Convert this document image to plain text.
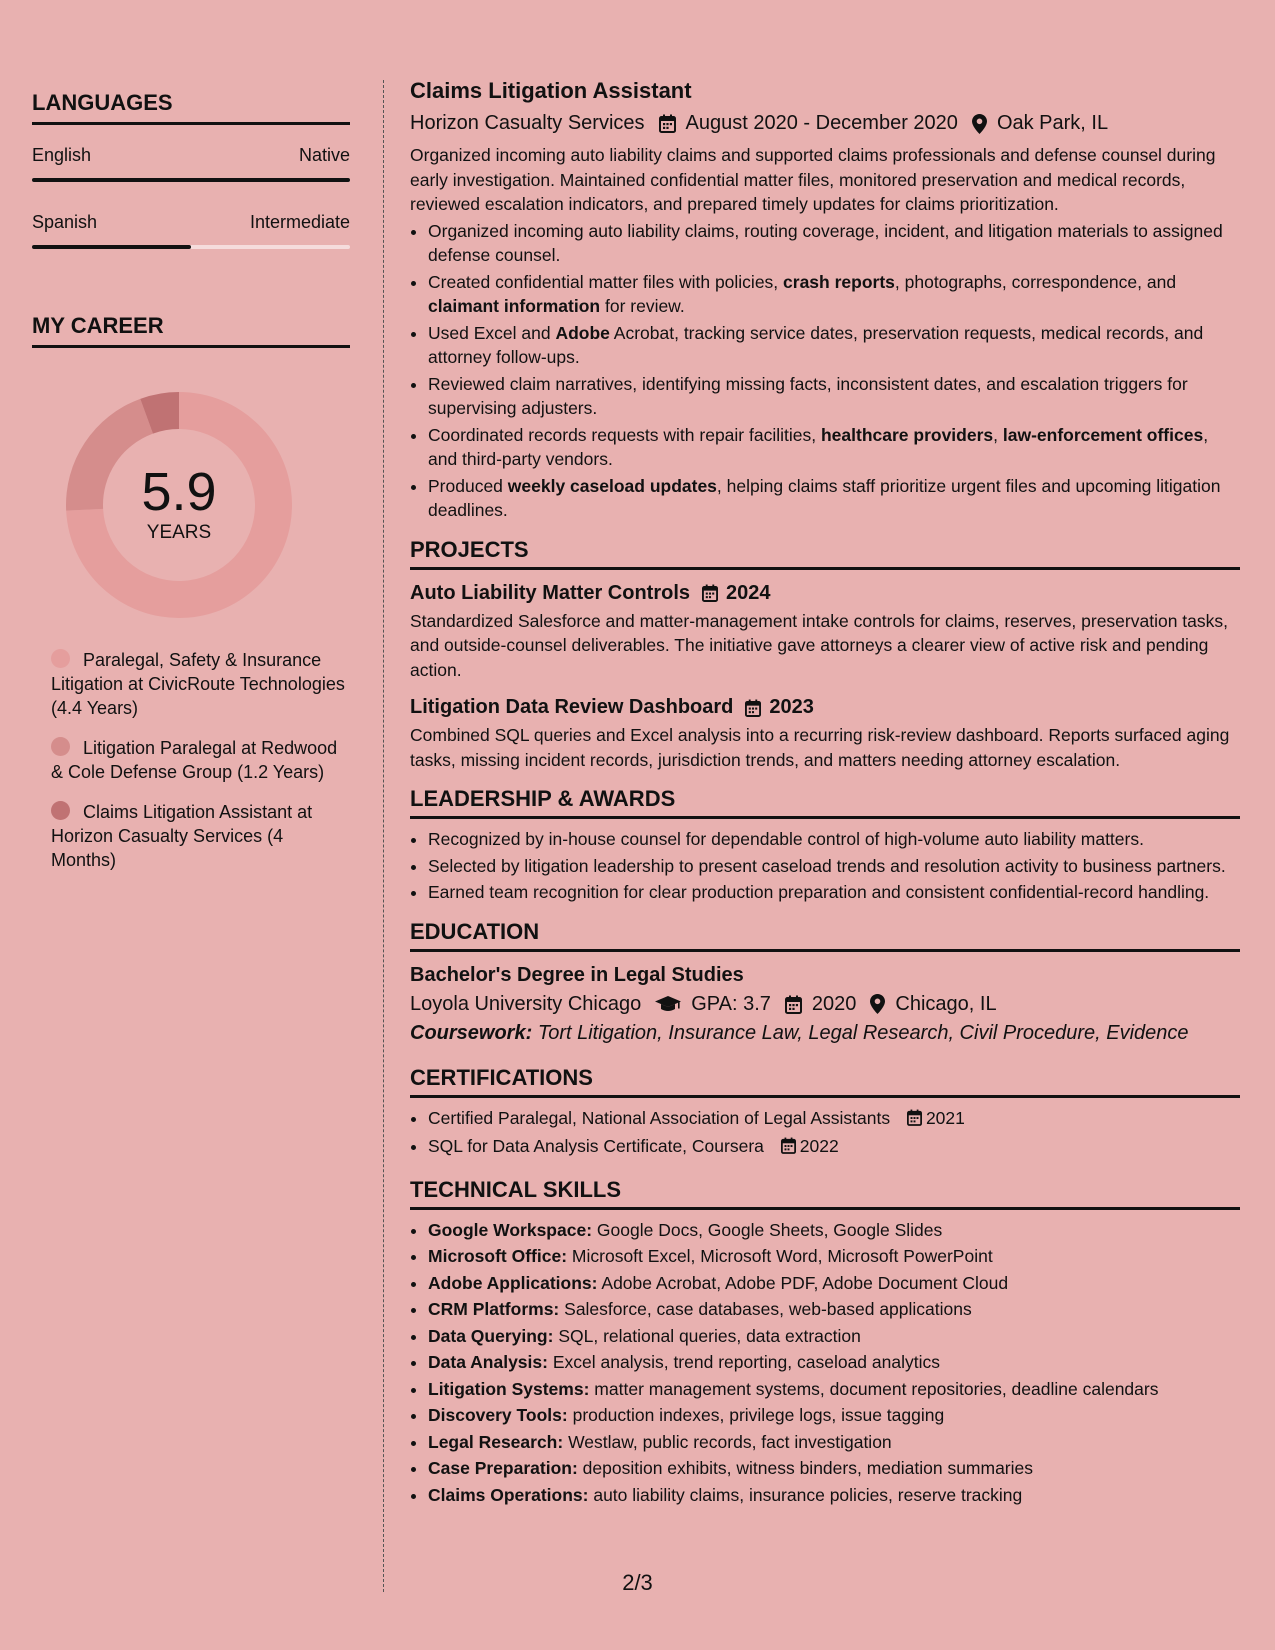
LANGUAGES
English	Native
Spanish	Intermediate
MY CAREER
5.9
YEARS
Paralegal, Safety & Insurance Litigation at CivicRoute Technologies (4.4 Years)
Litigation Paralegal at Redwood & Cole Defense Group (1.2 Years)
Claims Litigation Assistant at Horizon Casualty Services (4 Months)
Claims Litigation Assistant
Horizon Casualty Services August 2020 - December 2020 Oak Park, IL
Organized incoming auto liability claims and supported claims professionals and defense counsel during early investigation. Maintained confidential matter files, monitored preservation and medical records, reviewed escalation indicators, and prepared timely updates for claims prioritization.
• Organized incoming auto liability claims, routing coverage, incident, and litigation materials to assigned defense counsel.
• Created confidential matter files with policies, crash reports, photographs, correspondence, and claimant information for review.
• Used Excel and Adobe Acrobat, tracking service dates, preservation requests, medical records, and attorney follow-ups.
• Reviewed claim narratives, identifying missing facts, inconsistent dates, and escalation triggers for supervising adjusters.
• Coordinated records requests with repair facilities, healthcare providers, law-enforcement offices, and third-party vendors.
• Produced weekly caseload updates, helping claims staff prioritize urgent files and upcoming litigation deadlines.
PROJECTS
Auto Liability Matter Controls 2024
Standardized Salesforce and matter-management intake controls for claims, reserves, preservation tasks, and outside-counsel deliverables. The initiative gave attorneys a clearer view of active risk and pending action.
Litigation Data Review Dashboard 2023
Combined SQL queries and Excel analysis into a recurring risk-review dashboard. Reports surfaced aging tasks, missing incident records, jurisdiction trends, and matters needing attorney escalation.
LEADERSHIP & AWARDS
• Recognized by in-house counsel for dependable control of high-volume auto liability matters.
• Selected by litigation leadership to present caseload trends and resolution activity to business partners.
• Earned team recognition for clear production preparation and consistent confidential-record handling.
EDUCATION
Bachelor's Degree in Legal Studies
Loyola University Chicago	GPA: 3.7 2020 Chicago, IL
Coursework: Tort Litigation, Insurance Law, Legal Research, Civil Procedure, Evidence
CERTIFICATIONS
• Certified Paralegal, National Association of Legal Assistants 2021
• SQL for Data Analysis Certificate, Coursera 2022
TECHNICAL SKILLS
• Google Workspace: Google Docs, Google Sheets, Google Slides
• Microsoft Office: Microsoft Excel, Microsoft Word, Microsoft PowerPoint
• Adobe Applications: Adobe Acrobat, Adobe PDF, Adobe Document Cloud
• CRM Platforms: Salesforce, case databases, web-based applications
• Data Querying: SQL, relational queries, data extraction
• Data Analysis: Excel analysis, trend reporting, caseload analytics
• Litigation Systems: matter management systems, document repositories, deadline calendars
• Discovery Tools: production indexes, privilege logs, issue tagging
• Legal Research: Westlaw, public records, fact investigation
• Case Preparation: deposition exhibits, witness binders, mediation summaries
• Claims Operations: auto liability claims, insurance policies, reserve tracking
2/3
